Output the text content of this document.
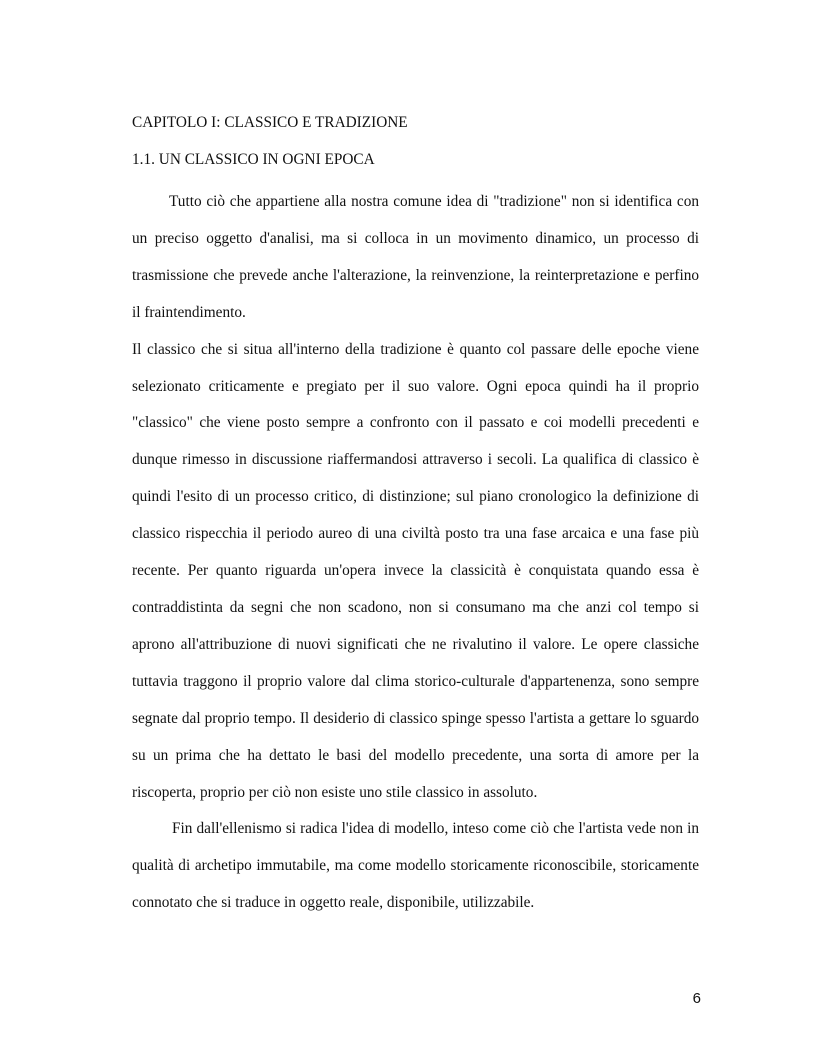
CAPITOLO I: CLASSICO E TRADIZIONE
1.1. UN CLASSICO IN OGNI EPOCA

Tutto ciò che appartiene alla nostra comune idea di "tradizione" non si identifica con un preciso oggetto d'analisi, ma si colloca in un movimento dinamico, un processo di trasmissione che prevede anche l'alterazione, la reinvenzione, la reinterpretazione e perfino il fraintendimento.

Il classico che si situa all'interno della tradizione è quanto col passare delle epoche viene selezionato criticamente e pregiato per il suo valore. Ogni epoca quindi ha il proprio "classico" che viene posto sempre a confronto con il passato e coi modelli precedenti e dunque rimesso in discussione riaffermandosi attraverso i secoli. La qualifica di classico è quindi l'esito di un processo critico, di distinzione; sul piano cronologico la definizione di classico rispecchia il periodo aureo di una civiltà posto tra una fase arcaica e una fase più recente. Per quanto riguarda un'opera invece la classicità è conquistata quando essa è contraddistinta da segni che non scadono, non si consumano ma che anzi col tempo si aprono all'attribuzione di nuovi significati che ne rivalutino il valore. Le opere classiche tuttavia traggono il proprio valore dal clima storico-culturale d'appartenenza, sono sempre segnate dal proprio tempo. Il desiderio di classico spinge spesso l'artista a gettare lo sguardo su un prima che ha dettato le basi del modello precedente, una sorta di amore per la riscoperta, proprio per ciò non esiste uno stile classico in assoluto.

Fin dall'ellenismo si radica l'idea di modello, inteso come ciò che l'artista vede non in qualità di archetipo immutabile, ma come modello storicamente riconoscibile, storicamente connotato che si traduce in oggetto reale, disponibile, utilizzabile.

6
